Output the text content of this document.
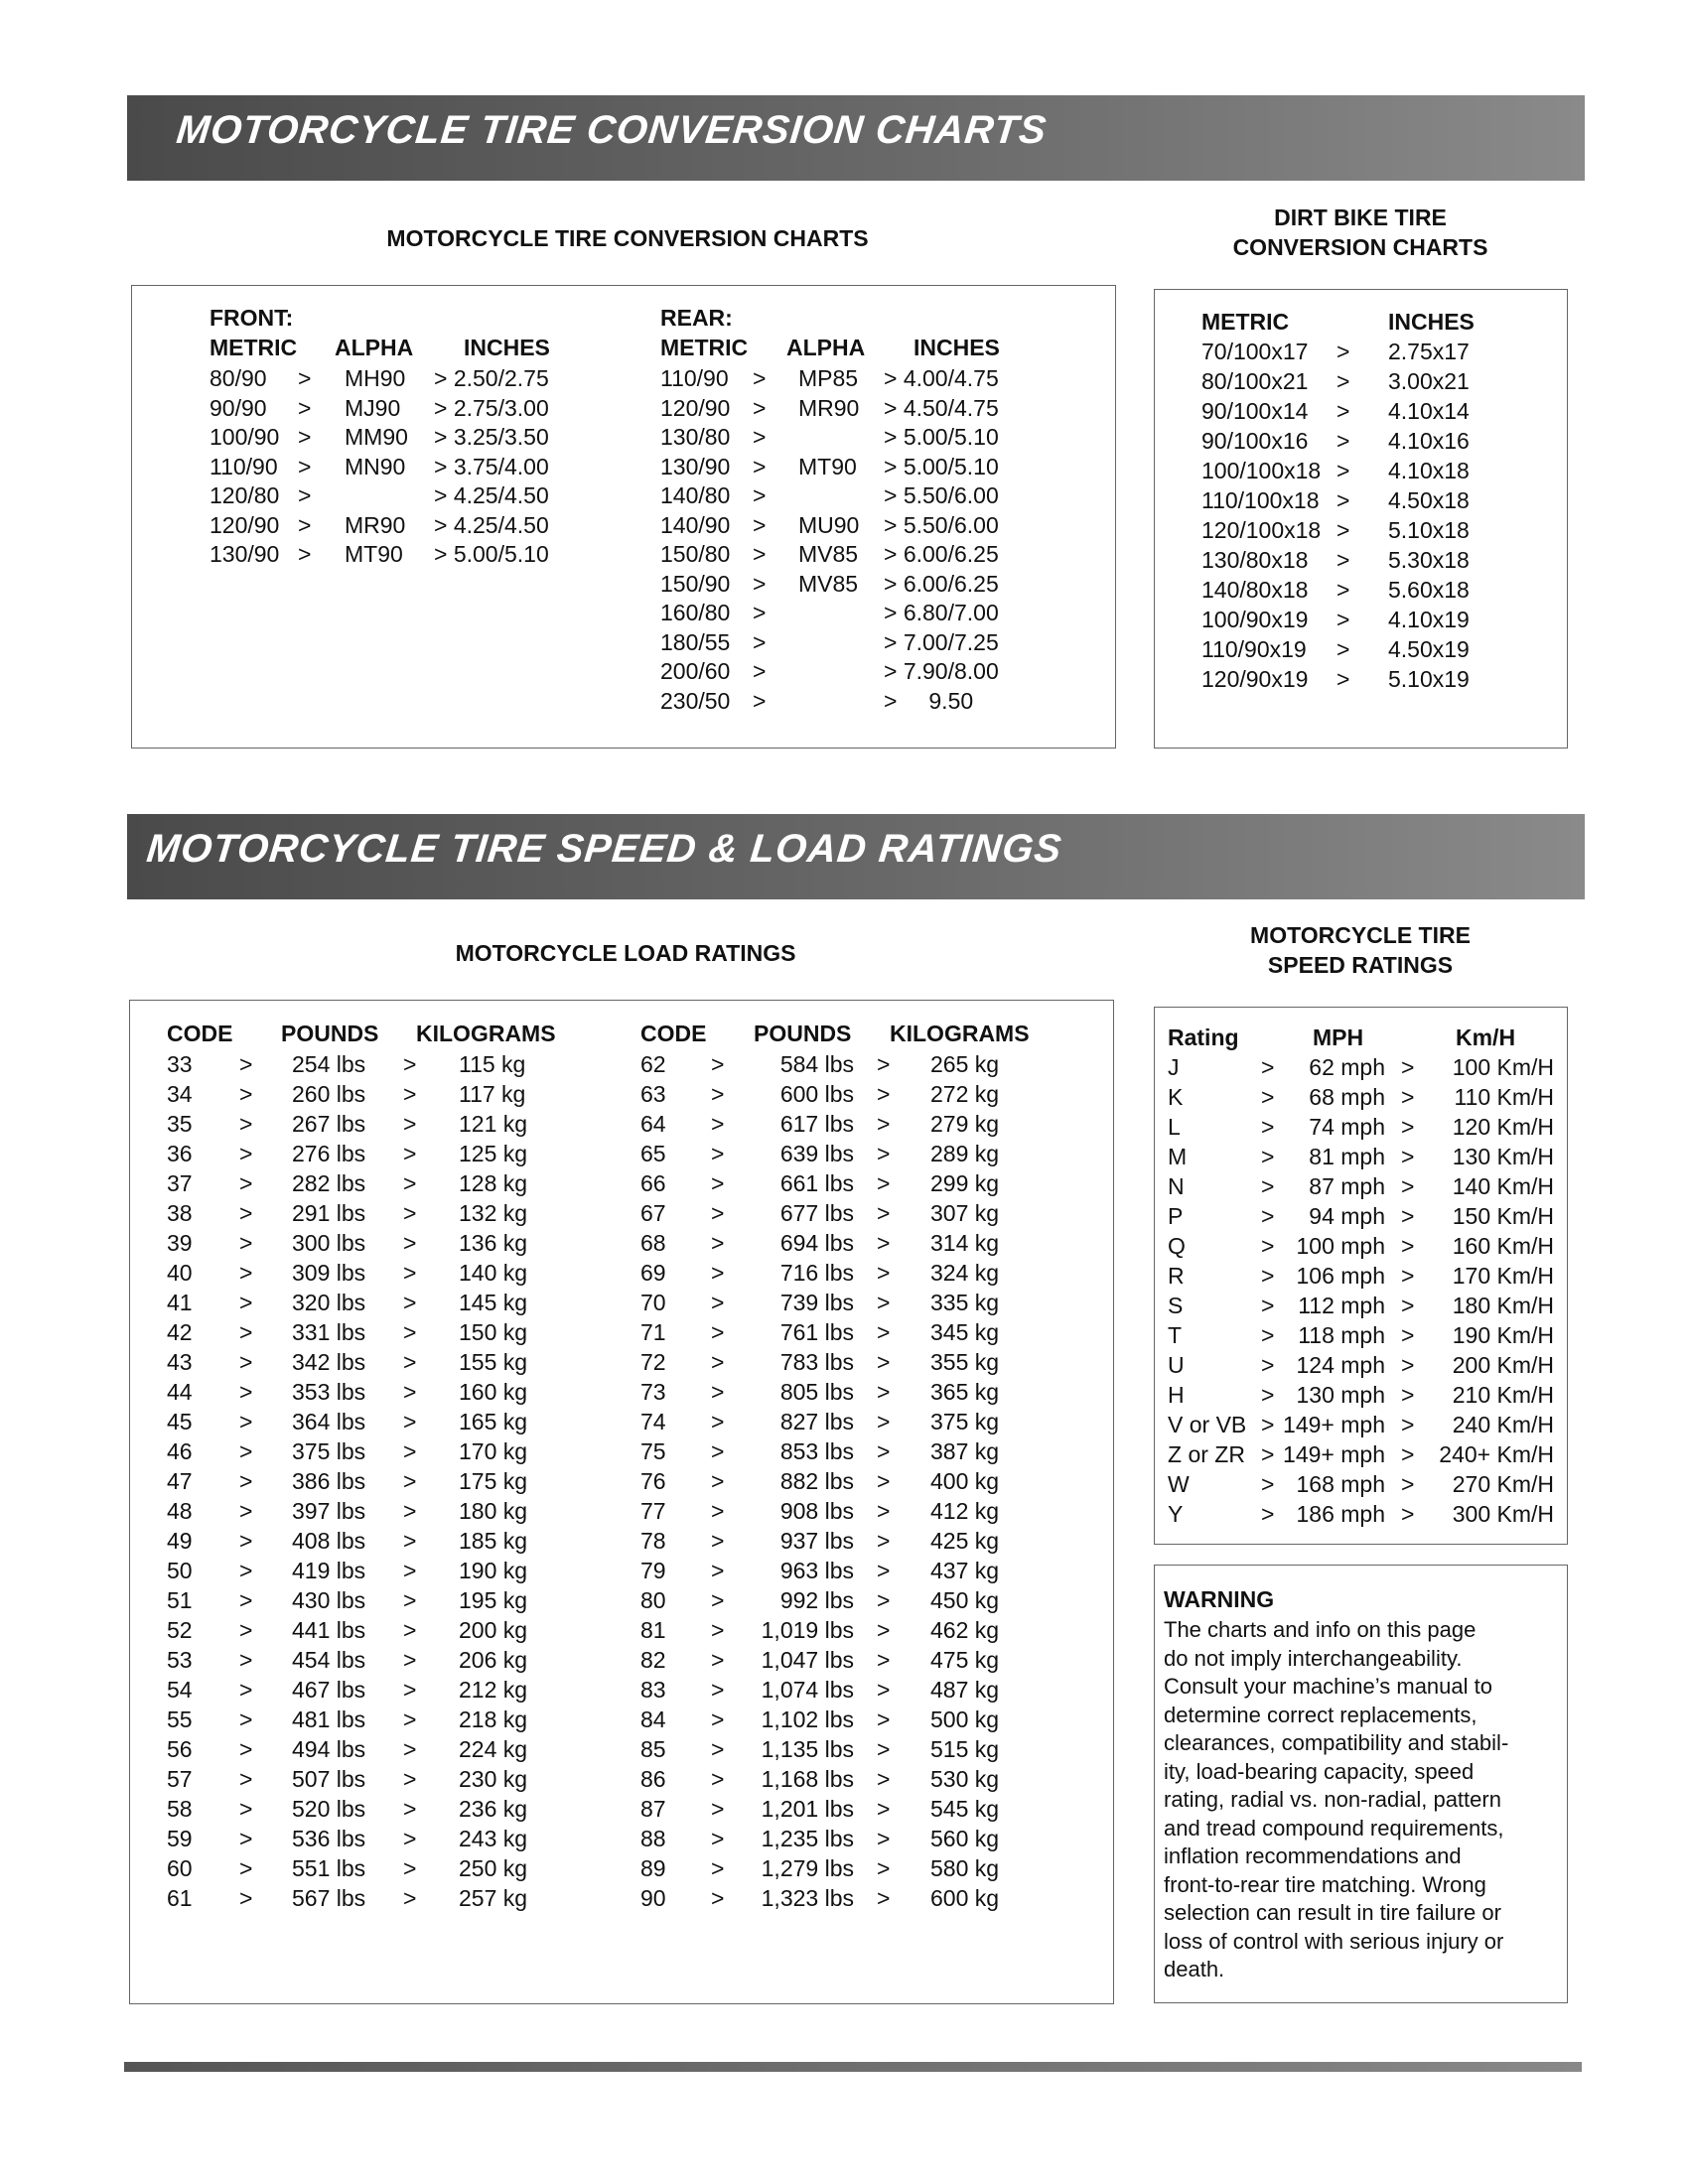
MOTORCYCLE TIRE CONVERSION CHARTS
MOTORCYCLE TIRE CONVERSION CHARTS
DIRT BIKE TIRE
CONVERSION CHARTS
FRONT:
METRIC ALPHA INCHES
80/90 > MH90 > 2.50/2.75
90/90 > MJ90 > 2.75/3.00
100/90 > MM90 > 3.25/3.50
110/90 > MN90 > 3.75/4.00
120/80 >	> 4.25/4.50
120/90 > MR90 > 4.25/4.50
130/90 > MT90 > 5.00/5.10
REAR:
METRIC ALPHA INCHES
110/90 > MP85 > 4.00/4.75
120/90 > MR90 > 4.50/4.75
130/80 >	> 5.00/5.10
130/90 > MT90 > 5.00/5.10
140/80 >	> 5.50/6.00
140/90 > MU90 > 5.50/6.00
150/80 > MV85 > 6.00/6.25
150/90 > MV85 > 6.00/6.25
160/80 >	> 6.80/7.00
180/55 >	> 7.00/7.25
200/60 >	> 7.90/8.00
230/50 >	>     9.50
METRIC	INCHES
70/100x17 > 2.75x17
80/100x21 > 3.00x21
90/100x14 > 4.10x14
90/100x16 > 4.10x16
100/100x18 > 4.10x18
110/100x18 > 4.50x18
120/100x18 > 5.10x18
130/80x18 > 5.30x18
140/80x18 > 5.60x18
100/90x19 > 4.10x19
110/90x19 > 4.50x19
120/90x19 > 5.10x19
MOTORCYCLE TIRE SPEED & LOAD RATINGS
MOTORCYCLE LOAD RATINGS
MOTORCYCLE TIRE
SPEED RATINGS
CODE POUNDS KILOGRAMS	CODE POUNDS KILOGRAMS
33 > 254 lbs > 115 kg
34 > 260 lbs > 117 kg
35 > 267 lbs > 121 kg
36 > 276 lbs > 125 kg
37 > 282 lbs > 128 kg
38 > 291 lbs > 132 kg
39 > 300 lbs > 136 kg
40 > 309 lbs > 140 kg
41 > 320 lbs > 145 kg
42 > 331 lbs > 150 kg
43 > 342 lbs > 155 kg
44 > 353 lbs > 160 kg
45 > 364 lbs > 165 kg
46 > 375 lbs > 170 kg
47 > 386 lbs > 175 kg
48 > 397 lbs > 180 kg
49 > 408 lbs > 185 kg
50 > 419 lbs > 190 kg
51 > 430 lbs > 195 kg
52 > 441 lbs > 200 kg
53 > 454 lbs > 206 kg
54 > 467 lbs > 212 kg
55 > 481 lbs > 218 kg
56 > 494 lbs > 224 kg
57 > 507 lbs > 230 kg
58 > 520 lbs > 236 kg
59 > 536 lbs > 243 kg
60 > 551 lbs > 250 kg
61 > 567 lbs > 257 kg
62 >	584 lbs > 265 kg
63 >	600 lbs > 272 kg
64 >	617 lbs > 279 kg
65 >	639 lbs > 289 kg
66 >	661 lbs > 299 kg
67 >	677 lbs > 307 kg
68 >	694 lbs > 314 kg
69 >	716 lbs > 324 kg
70 >	739 lbs > 335 kg
71 >	761 lbs > 345 kg
72 >	783 lbs > 355 kg
73 >	805 lbs > 365 kg
74 >	827 lbs > 375 kg
75 >	853 lbs > 387 kg
76 >	882 lbs > 400 kg
77 >	908 lbs > 412 kg
78 >	937 lbs > 425 kg
79 >	963 lbs > 437 kg
80 >	992 lbs > 450 kg
81 >	1,019 lbs > 462 kg
82 >	1,047 lbs > 475 kg
83 >	1,074 lbs > 487 kg
84 >	1,102 lbs > 500 kg
85 >	1,135 lbs > 515 kg
86 >	1,168 lbs > 530 kg
87 >	1,201 lbs > 545 kg
88 >	1,235 lbs > 560 kg
89 >	1,279 lbs > 580 kg
90 >	1,323 lbs > 600 kg
Rating	MPH	Km/H
J	>	62 mph >	100 Km/H
K	>	68 mph >	110 Km/H
L	>	74 mph >	120 Km/H
M	>	81 mph >	130 Km/H
N	>	87 mph >	140 Km/H
P	>	94 mph >	150 Km/H
Q	> 100 mph >	160 Km/H
R	> 106 mph >	170 Km/H
S	>	112 mph >	180 Km/H
T	>	118 mph >	190 Km/H
U	> 124 mph >	200 Km/H
H	> 130 mph >	210 Km/H
V or VB > 149+ mph >	240 Km/H
Z or ZR > 149+ mph >	240+ Km/H
W	> 168 mph >	270 Km/H
Y	> 186 mph >	300 Km/H
WARNING
The charts and info on this page
do not imply interchangeability.
Consult your machine’s manual to
determine correct replacements,
clearances, compatibility and stabil-
ity, load-bearing capacity, speed
rating, radial vs. non-radial, pattern
and tread compound requirements,
inflation recommendations and
front-to-rear tire matching. Wrong
selection can result in tire failure or
loss of control with serious injury or
death.
